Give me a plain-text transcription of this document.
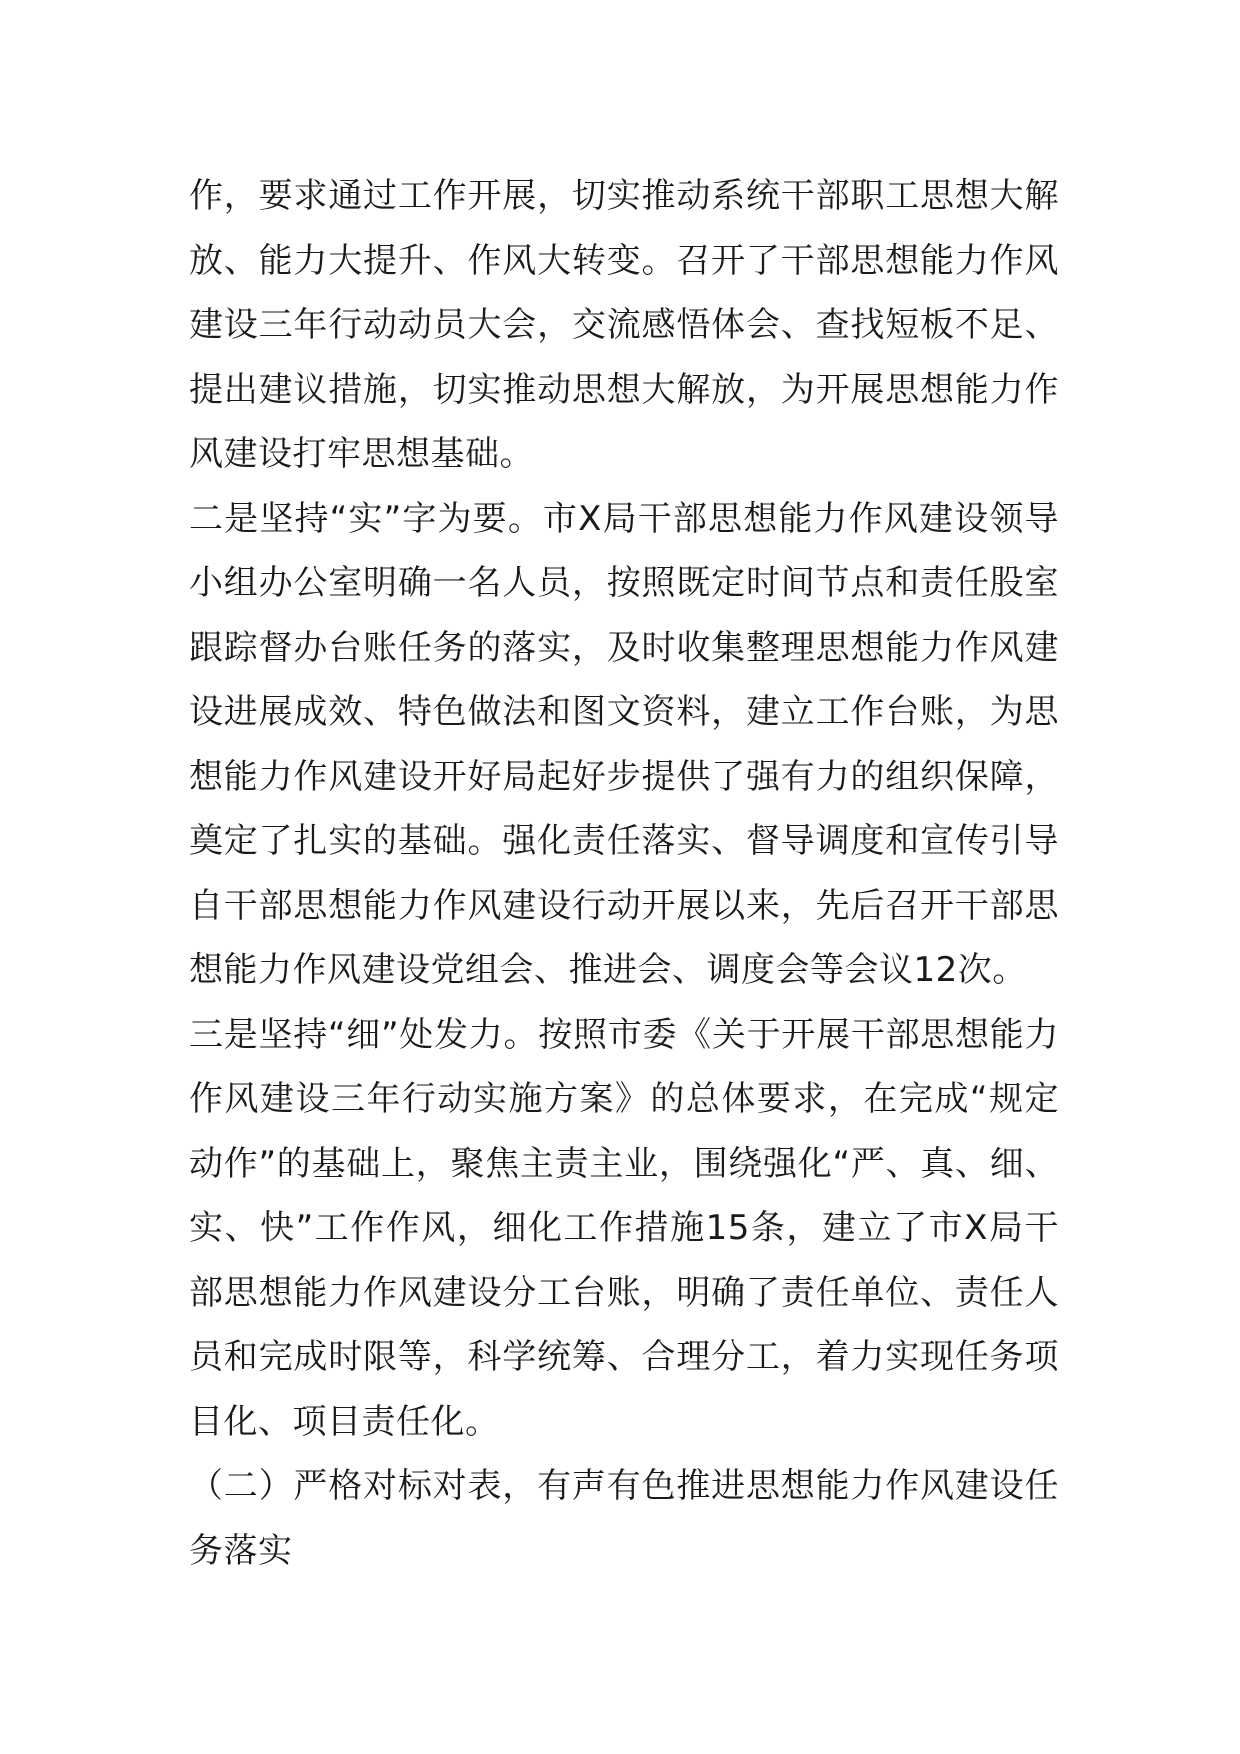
作，要求通过工作开展，切实推动系统干部职工思想大解放、能力大提升、作风大转变。召开了干部思想能力作风建设三年行动动员大会，交流感悟体会、查找短板不足、提出建议措施，切实推动思想大解放，为开展思想能力作风建设打牢思想基础。

二是坚持“实”字为要。市X局干部思想能力作风建设领导小组办公室明确一名人员，按照既定时间节点和责任股室跟踪督办台账任务的落实，及时收集整理思想能力作风建设进展成效、特色做法和图文资料，建立工作台账，为思想能力作风建设开好局起好步提供了强有力的组织保障，奠定了扎实的基础。强化责任落实、督导调度和宣传引导自干部思想能力作风建设行动开展以来，先后召开干部思想能力作风建设党组会、推进会、调度会等会议12次。

三是坚持“细”处发力。按照市委《关于开展干部思想能力作风建设三年行动实施方案》的总体要求，在完成“规定动作”的基础上，聚焦主责主业，围绕强化“严、真、细、实、快”工作作风，细化工作措施15条，建立了市X局干部思想能力作风建设分工台账，明确了责任单位、责任人员和完成时限等，科学统筹、合理分工，着力实现任务项目化、项目责任化。

（二）严格对标对表，有声有色推进思想能力作风建设任务落实
